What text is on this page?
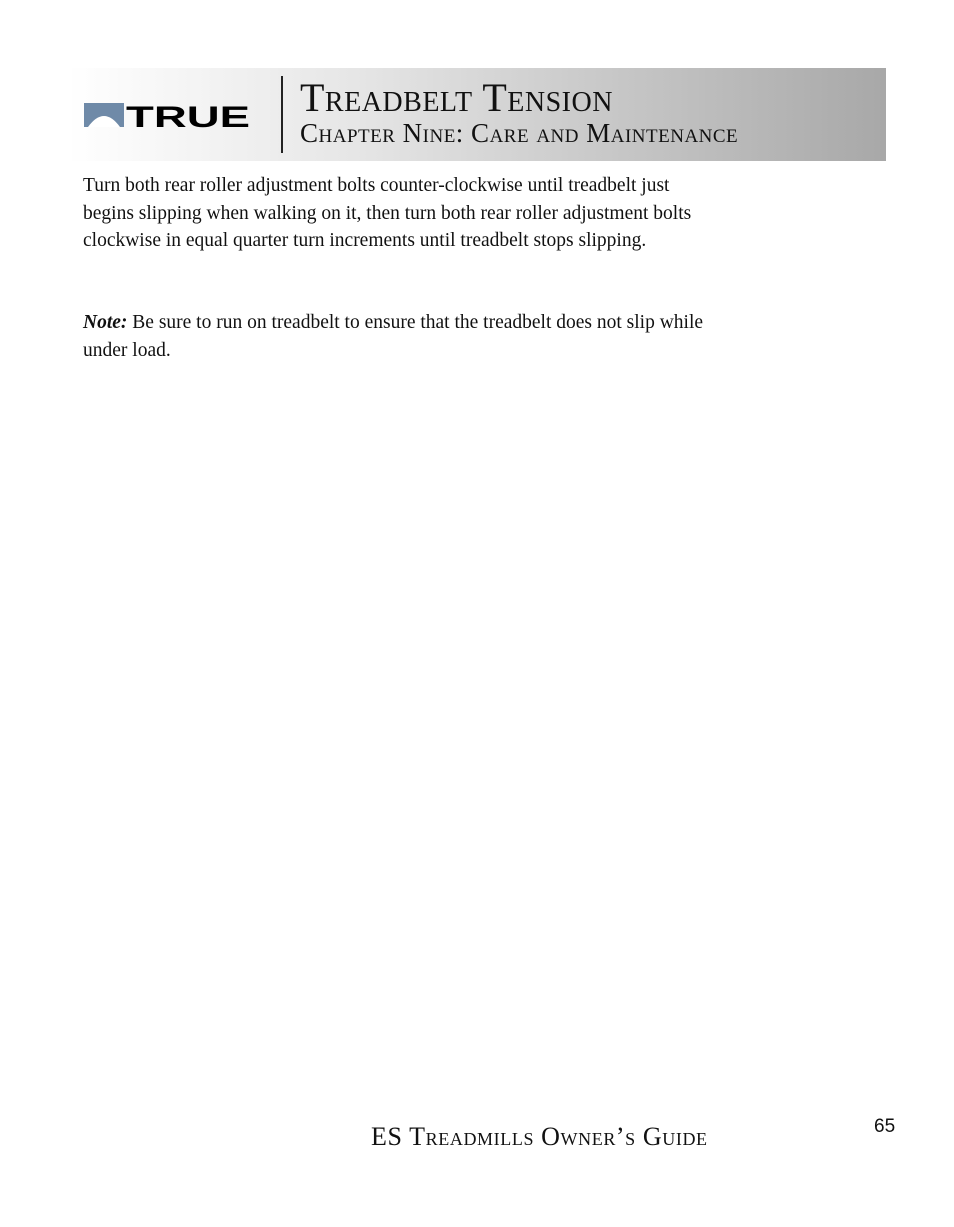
TRUE Treadbelt Tension
Chapter Nine: Care and Maintenance
Turn both rear roller adjustment bolts counter-clockwise until treadbelt just begins slipping when walking on it, then turn both rear roller adjustment bolts clockwise in equal quarter turn increments until treadbelt stops slipping.
Note: Be sure to run on treadbelt to ensure that the treadbelt does not slip while under load.
ES Treadmills Owner’s Guide	65
